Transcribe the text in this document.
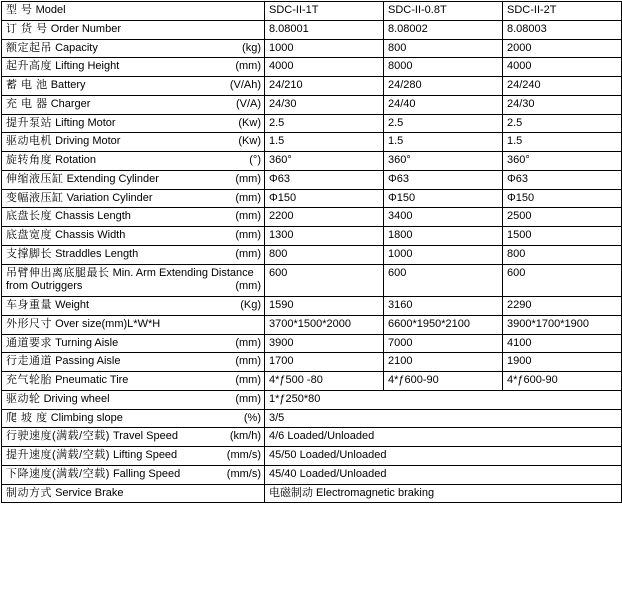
型 号 Model	SDC-II-1T	SDC-II-0.8T	SDC-II-2T
订 货 号 Order Number	8.08001	8.08002	8.08003
额定起吊 Capacity (kg)	1000	800	2000
起升高度 Lifting Height (mm)	4000	8000	4000
蓄 电 池 Battery (V/Ah)	24/210	24/280	24/240
充 电 器 Charger (V/A)	24/30	24/40	24/30
提升泵站 Lifting Motor (Kw)	2.5	2.5	2.5
驱动电机 Driving Motor (Kw)	1.5	1.5	1.5
旋转角度 Rotation (°)	360°	360°	360°
伸缩液压缸 Extending Cylinder (mm)	Φ63	Φ63	Φ63
变幅液压缸 Variation Cylinder (mm)	Φ150	Φ150	Φ150
底盘长度 Chassis Length (mm)	2200	3400	2500
底盘宽度 Chassis Width (mm)	1300	1800	1500
支撑脚长 Straddles Length (mm)	800	1000	800
吊臂伸出离底腿最长 Min. Arm Extending Distance from Outriggers (mm)	600	600	600
车身重量 Weight (Kg)	1590	3160	2290
外形尺寸 Over size(mm)L*W*H	3700*1500*2000	6600*1950*2100	3900*1700*1900
通道要求 Turning Aisle (mm)	3900	7000	4100
行走通道 Passing Aisle (mm)	1700	2100	1900
充气轮胎 Pneumatic Tire (mm)	4*ƒ500 -80	4*ƒ600-90	4*ƒ600-90
驱动轮 Driving wheel (mm)	1*ƒ250*80		
爬 坡 度 Climbing slope (%)	3/5		
行驶速度(满载/空载) Travel Speed (km/h)	4/6 Loaded/Unloaded		
提升速度(满载/空载) Lifting Speed (mm/s)	45/50 Loaded/Unloaded		
下降速度(满载/空载) Falling Speed (mm/s)	45/40 Loaded/Unloaded		
制动方式 Service Brake	电磁制动 Electromagnetic braking		
